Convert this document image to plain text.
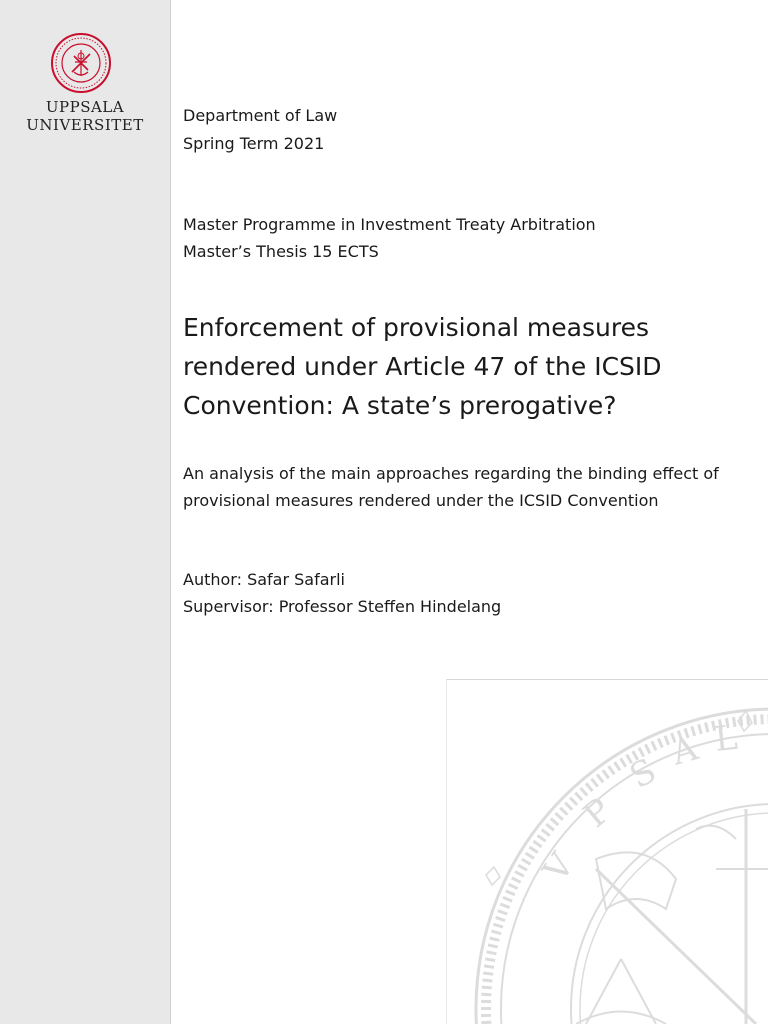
UPPSALA
UNIVERSITET	Department of Law
Spring Term 2021
Master Programme in Investment Treaty Arbitration
Master’s Thesis 15 ECTS
Enforcement of provisional measures
rendered under Article 47 of the ICSID
Convention: A state’s prerogative?
An analysis of the main approaches regarding the binding effect of
provisional measures rendered under the ICSID Convention
Author: Safar Safarli
Supervisor: Professor Steffen Hindelang
V
P
S A L
